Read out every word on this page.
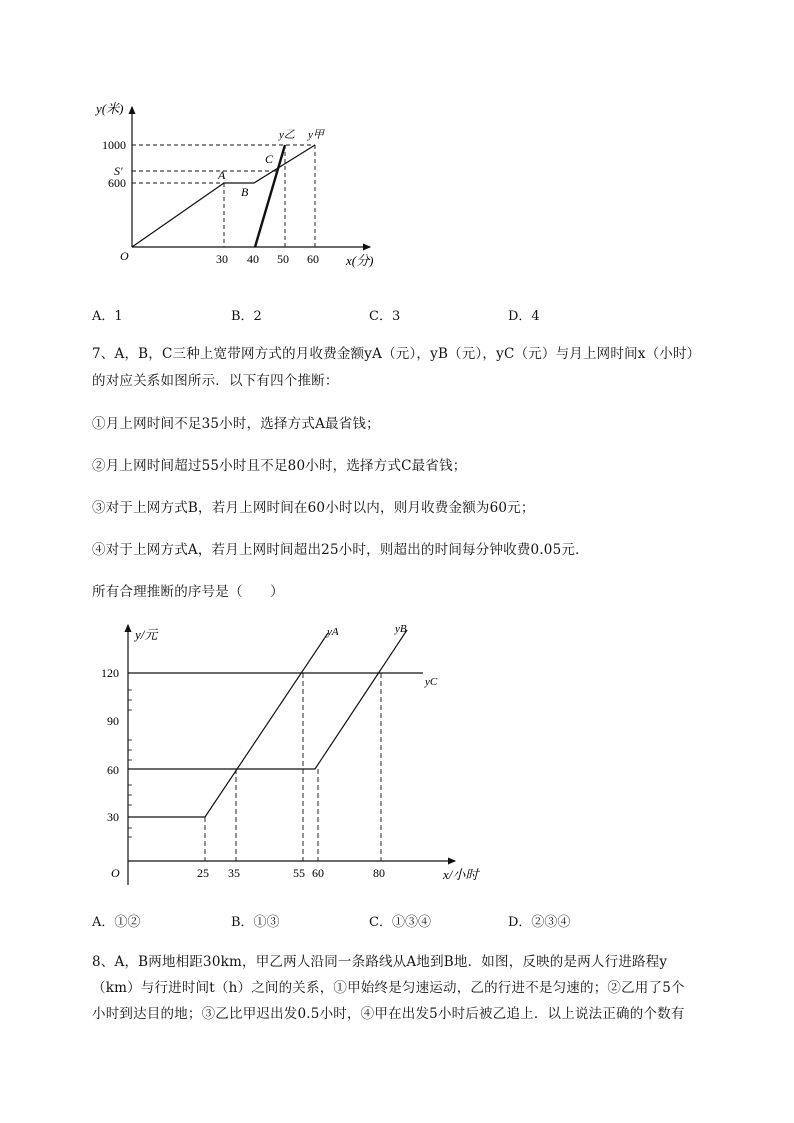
y(米)
O
1000
S′
600
30 40 50 60 x(分)
A
B
C
y乙 y甲
A．1	B．2	C．3	D．4
7、A，B，C三种上宽带网方式的月收费金额yA（元），yB（元），yC（元）与月上网时间x（小时）
的对应关系如图所示．以下有四个推断：
①月上网时间不足35小时，选择方式A最省钱；
②月上网时间超过55小时且不足80小时，选择方式C最省钱；
③对于上网方式B，若月上网时间在60小时以内，则月收费金额为60元；
④对于上网方式A，若月上网时间超出25小时，则超出的时间每分钟收费0.05元．
所有合理推断的序号是（　　）
y/元
O
120
90
60
30
25 35	55 60	80	x/小时
yA	yB
yC
A．①②	B．①③	C．①③④	D．②③④
8、A，B两地相距30km，甲乙两人沿同一条路线从A地到B地．如图，反映的是两人行进路程y
（km）与行进时间t（h）之间的关系，①甲始终是匀速运动，乙的行进不是匀速的；②乙用了5个
小时到达目的地；③乙比甲迟出发0.5小时，④甲在出发5小时后被乙追上．以上说法正确的个数有
